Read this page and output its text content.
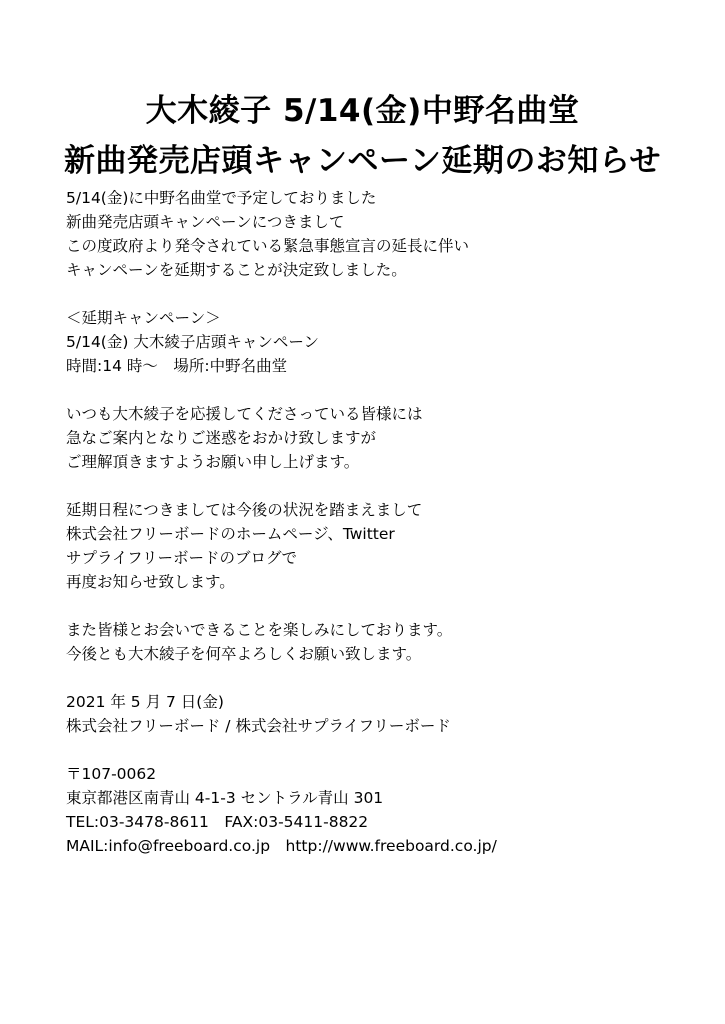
大木綾子 5/14(金)中野名曲堂
新曲発売店頭キャンペーン延期のお知らせ
5/14(金)に中野名曲堂で予定しておりました
新曲発売店頭キャンペーンにつきまして
この度政府より発令されている緊急事態宣言の延長に伴い
キャンペーンを延期することが決定致しました。
＜延期キャンペーン＞
5/14(金) 大木綾子店頭キャンペーン
時間:14 時～　場所:中野名曲堂
いつも大木綾子を応援してくださっている皆様には
急なご案内となりご迷惑をおかけ致しますが
ご理解頂きますようお願い申し上げます。
延期日程につきましては今後の状況を踏まえまして
株式会社フリーボードのホームページ、Twitter
サプライフリーボードのブログで
再度お知らせ致します。
また皆様とお会いできることを楽しみにしております。
今後とも大木綾子を何卒よろしくお願い致します。
2021 年 5 月 7 日(金)
株式会社フリーボード / 株式会社サプライフリーボード
〒107-0062
東京都港区南青山 4-1-3 セントラル青山 301
TEL:03-3478-8611　FAX:03-5411-8822
MAIL:info@freeboard.co.jp　http://www.freeboard.co.jp/
